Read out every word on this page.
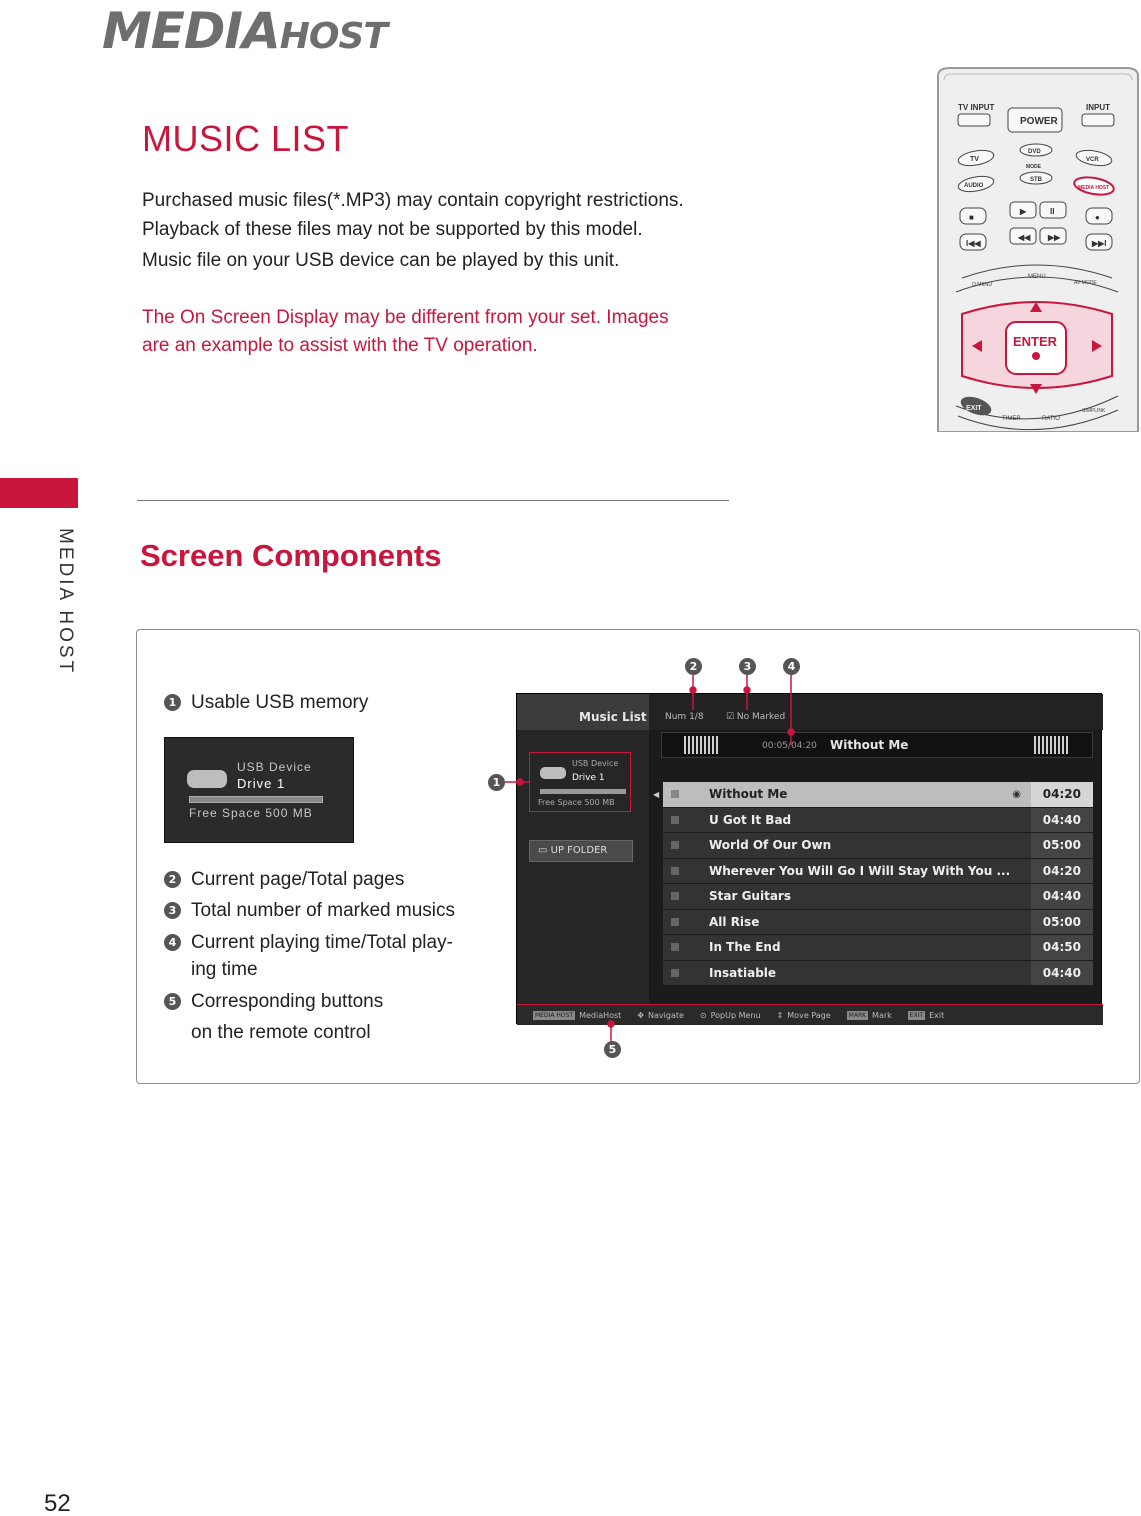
MEDIAHOST
MUSIC LIST
Purchased music files(*.MP3) may contain copyright restrictions.
Playback of these files may not be supported by this model.
Music file on your USB device can be played by this unit.
The On Screen Display may be different from your set. Images
are an example to assist with the TV operation.
TV INPUT	INPUT
POWER
TV
DVD
MODE
VCR
AUDIO
STB
MEDIA HOST
■
▶	II
●
I◀◀
◀◀ ▶▶
▶▶I
Q.MENU
MENU
AV MODE
ENTER
EXIT
TIMER	RATIO
SIMPLINK
MEDIA HOST Screen Components
1 Usable USB memory
USB Device
Drive 1
Free Space 500 MB
2 Current page/Total pages
3 Total number of marked musics
4 Current playing time/Total play-
ing time
5 Corresponding buttons
on the remote control
Music List Num 1/8 ☑ No Marked
00:05/04:20 Without Me
USB Device
Drive 1
Free Space 500 MB
▭ UP FOLDER
◀	Without Me	◉	04:20
U Got It Bad	04:40
World Of Our Own	05:00
Wherever You Will Go I Will Stay With You ...	04:20
Star Guitars	04:40
All Rise	05:00
In The End	04:50
Insatiable	04:40
MEDIA HOST MediaHost ✥ Navigate ⊙ PopUp Menu ⇕ Move Page	MARK Mark	EXIT Exit
1
2	3	4
5
52
